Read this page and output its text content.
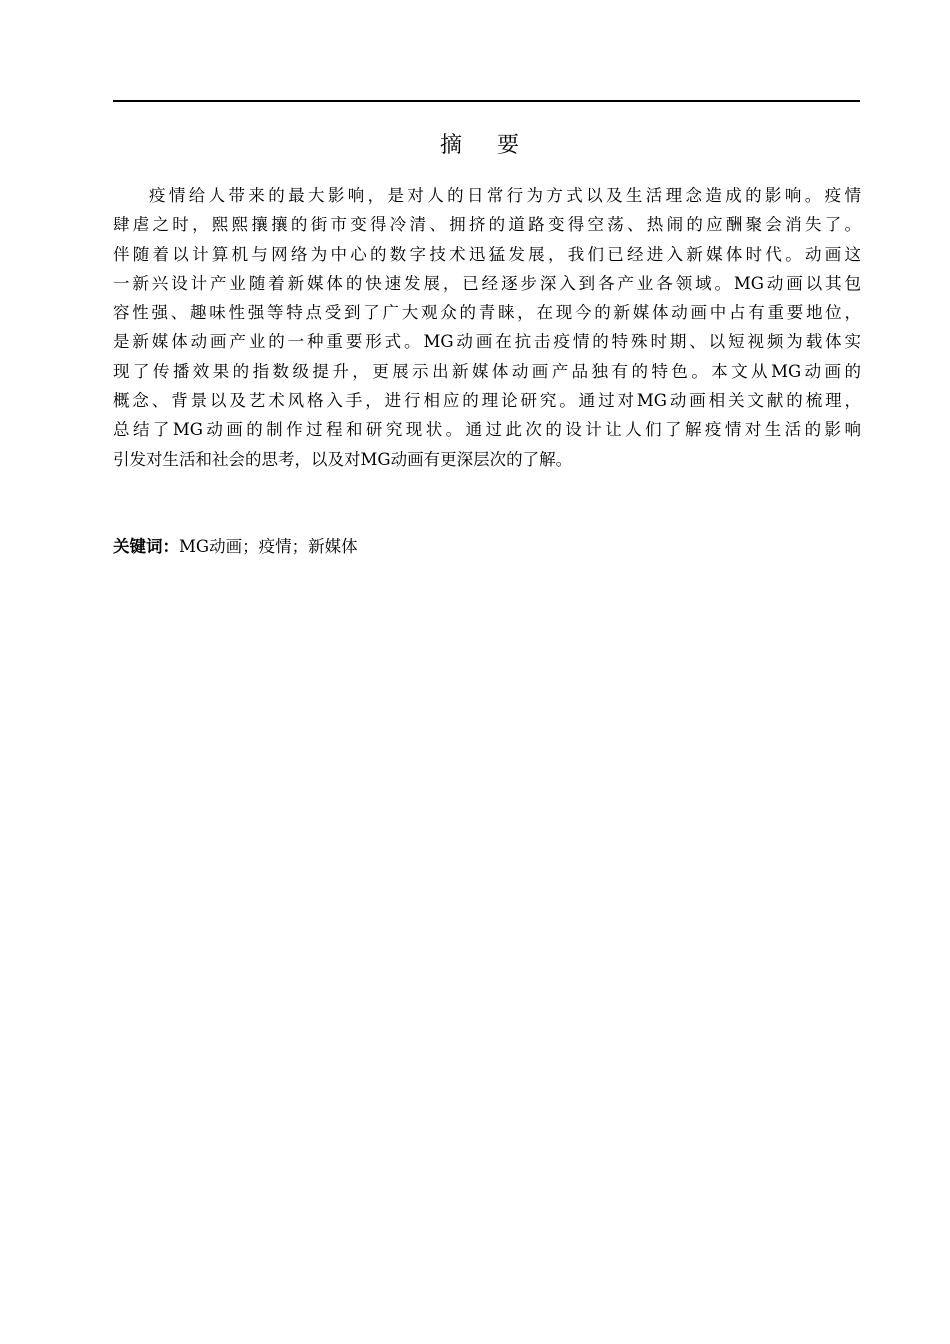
摘 要

疫情给人带来的最大影响，是对人的日常行为方式以及生活理念造成的影响。疫情
肆虐之时，熙熙攘攘的街市变得冷清、拥挤的道路变得空荡、热闹的应酬聚会消失了。
伴随着以计算机与网络为中心的数字技术迅猛发展，我们已经进入新媒体时代。动画这
一新兴设计产业随着新媒体的快速发展，已经逐步深入到各产业各领域。MG动画以其包
容性强、趣味性强等特点受到了广大观众的青睐，在现今的新媒体动画中占有重要地位，
是新媒体动画产业的一种重要形式。MG动画在抗击疫情的特殊时期、以短视频为载体实
现了传播效果的指数级提升，更展示出新媒体动画产品独有的特色。本文从MG动画的
概念、背景以及艺术风格入手，进行相应的理论研究。通过对MG动画相关文献的梳理，
总结了MG动画的制作过程和研究现状。通过此次的设计让人们了解疫情对生活的影响
引发对生活和社会的思考，以及对MG动画有更深层次的了解。

关键词：MG动画；疫情；新媒体
